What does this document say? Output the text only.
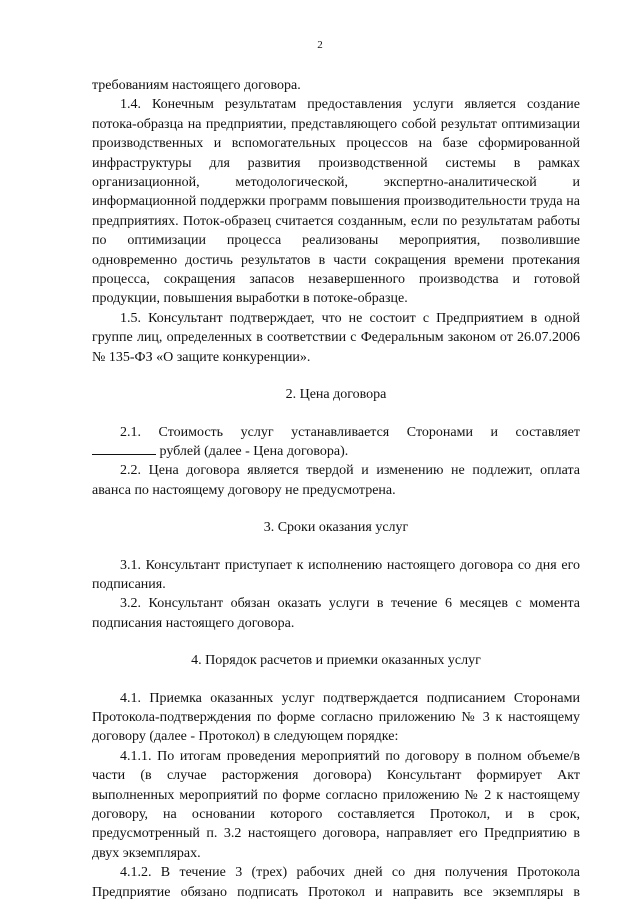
2

требованиям настоящего договора.

1.4. Конечным результатам предоставления услуги является создание потока-образца на предприятии, представляющего собой результат оптимизации производственных и вспомогательных процессов на базе сформированной инфраструктуры для развития производственной системы в рамках организационной, методологической, экспертно-аналитической и информационной поддержки программ повышения производительности труда на предприятиях. Поток-образец считается созданным, если по результатам работы по оптимизации процесса реализованы мероприятия, позволившие одновременно достичь результатов в части сокращения времени протекания процесса, сокращения запасов незавершенного производства и готовой продукции, повышения выработки в потоке-образце.

1.5. Консультант подтверждает, что не состоит с Предприятием в одной группе лиц, определенных в соответствии с Федеральным законом от 26.07.2006 № 135-ФЗ «О защите конкуренции».

2. Цена договора

2.1. Стоимость услуг устанавливается Сторонами и составляет

рублей (далее - Цена договора).

2.2. Цена договора является твердой и изменению не подлежит, оплата аванса по настоящему договору не предусмотрена.

3. Сроки оказания услуг

3.1. Консультант приступает к исполнению настоящего договора со дня его подписания.

3.2. Консультант обязан оказать услуги в течение 6 месяцев с момента подписания настоящего договора.

4. Порядок расчетов и приемки оказанных услуг

4.1. Приемка оказанных услуг подтверждается подписанием Сторонами Протокола-подтверждения по форме согласно приложению № 3 к настоящему договору (далее - Протокол) в следующем порядке:

4.1.1. По итогам проведения мероприятий по договору в полном объеме/в части (в случае расторжения договора) Консультант формирует Акт выполненных мероприятий по форме согласно приложению № 2 к настоящему договору, на основании которого составляется Протокол, и в срок, предусмотренный п. 3.2 настоящего договора, направляет его Предприятию в двух экземплярах.

4.1.2. В течение 3 (трех) рабочих дней со дня получения Протокола Предприятие обязано подписать Протокол и направить все экземпляры в
